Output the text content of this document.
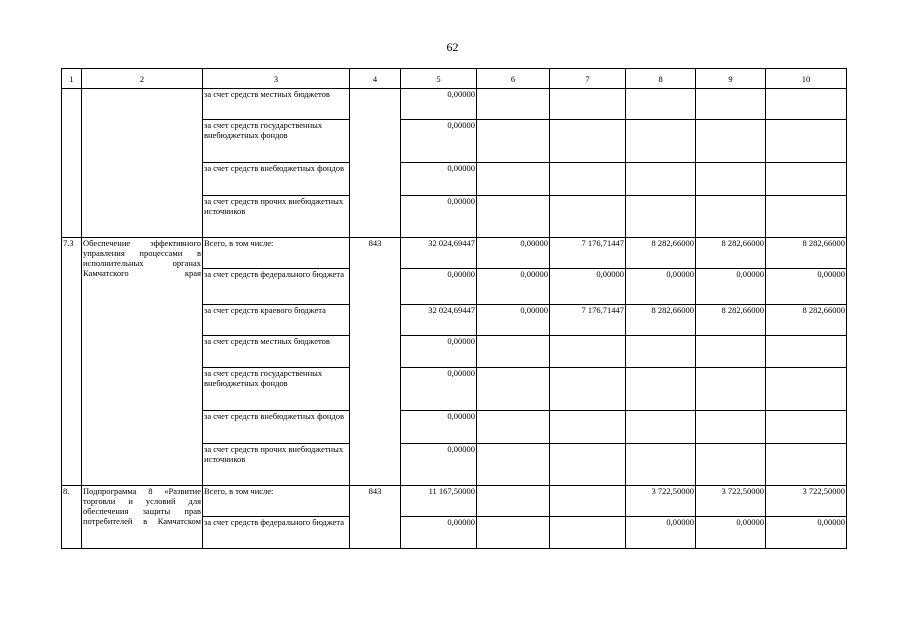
62
1	2	3	4	5	6	7	8	9	10
		за счет средств местных бюджетов		0,00000					
		за счет средств государственных внебюджетных фондов		0,00000					
		за счет средств внебюджетных фондов		0,00000					
		за счет средств прочих внебюджетных источников		0,00000					
7.3	Обеспечение эффективного управления процессами в исполнительных органах Камчатского края	Всего, в том числе:	843	32 024,69447	0,00000	7 176,71447	8 282,66000	8 282,66000	8 282,66000
		за счет средств федерального бюджета		0,00000	0,00000	0,00000	0,00000	0,00000	0,00000
		за счет средств краевого бюджета		32 024,69447	0,00000	7 176,71447	8 282,66000	8 282,66000	8 282,66000
		за счет средств местных бюджетов		0,00000					
		за счет средств государственных внебюджетных фондов		0,00000					
		за счет средств внебюджетных фондов		0,00000					
		за счет средств прочих внебюджетных источников		0,00000					
8.	Подпрограмма 8 «Развитие торговли и условий для обеспечения защиты прав потребителей в Камчатском	Всего, в том числе:	843	11 167,50000			3 722,50000	3 722,50000	3 722,50000
		за счет средств федерального бюджета		0,00000			0,00000	0,00000	0,00000
